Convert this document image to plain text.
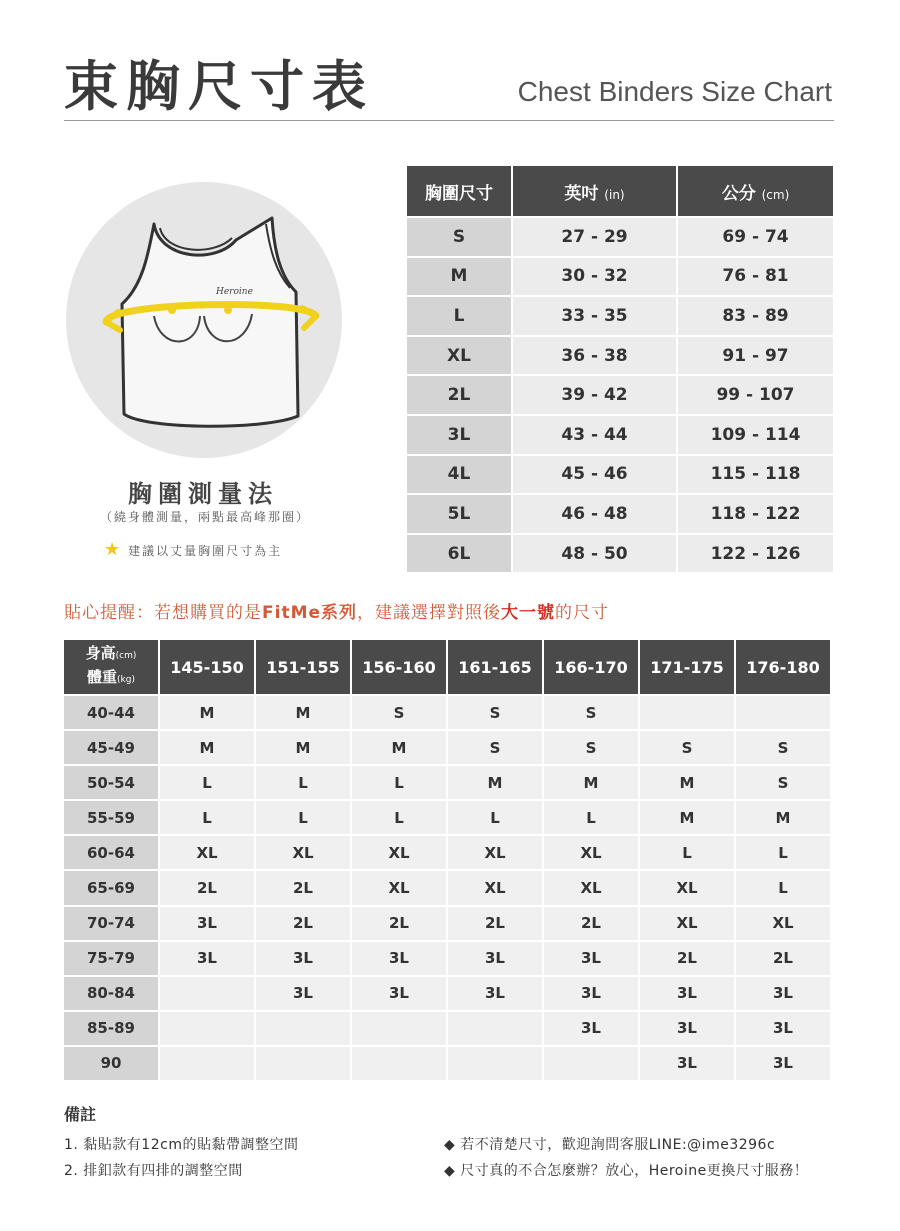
束胸尺寸表	Chest Binders Size Chart
Heroine
胸圍測量法
（繞身體測量，兩點最高峰那圈）
★ 建議以丈量胸圍尺寸為主
胸圍尺寸	英吋 (in)	公分 (cm)
S	27 - 29	69 - 74
M	30 - 32	76 - 81
L	33 - 35	83 - 89
XL	36 - 38	91 - 97
2L	39 - 42	99 - 107
3L	43 - 44	109 - 114
4L	45 - 46	115 - 118
5L	46 - 48	118 - 122
6L	48 - 50	122 - 126
貼心提醒：若想購買的是FitMe系列，建議選擇對照後大一號的尺寸
身高(cm)
體重(kg)	145-150	151-155	156-160	161-165	166-170	171-175	176-180
40-44	M	M	S	S	S		
45-49	M	M	M	S	S	S	S
50-54	L	L	L	M	M	M	S
55-59	L	L	L	L	L	M	M
60-64	XL	XL	XL	XL	XL	L	L
65-69	2L	2L	XL	XL	XL	XL	L
70-74	3L	2L	2L	2L	2L	XL	XL
75-79	3L	3L	3L	3L	3L	2L	2L
80-84		3L	3L	3L	3L	3L	3L
85-89					3L	3L	3L
90						3L	3L
備註
1. 黏貼款有12cm的貼黏帶調整空間
2. 排釦款有四排的調整空間
◆ 若不清楚尺寸，歡迎詢問客服LINE:@ime3296c
◆ 尺寸真的不合怎麼辦？放心，Heroine更換尺寸服務！
